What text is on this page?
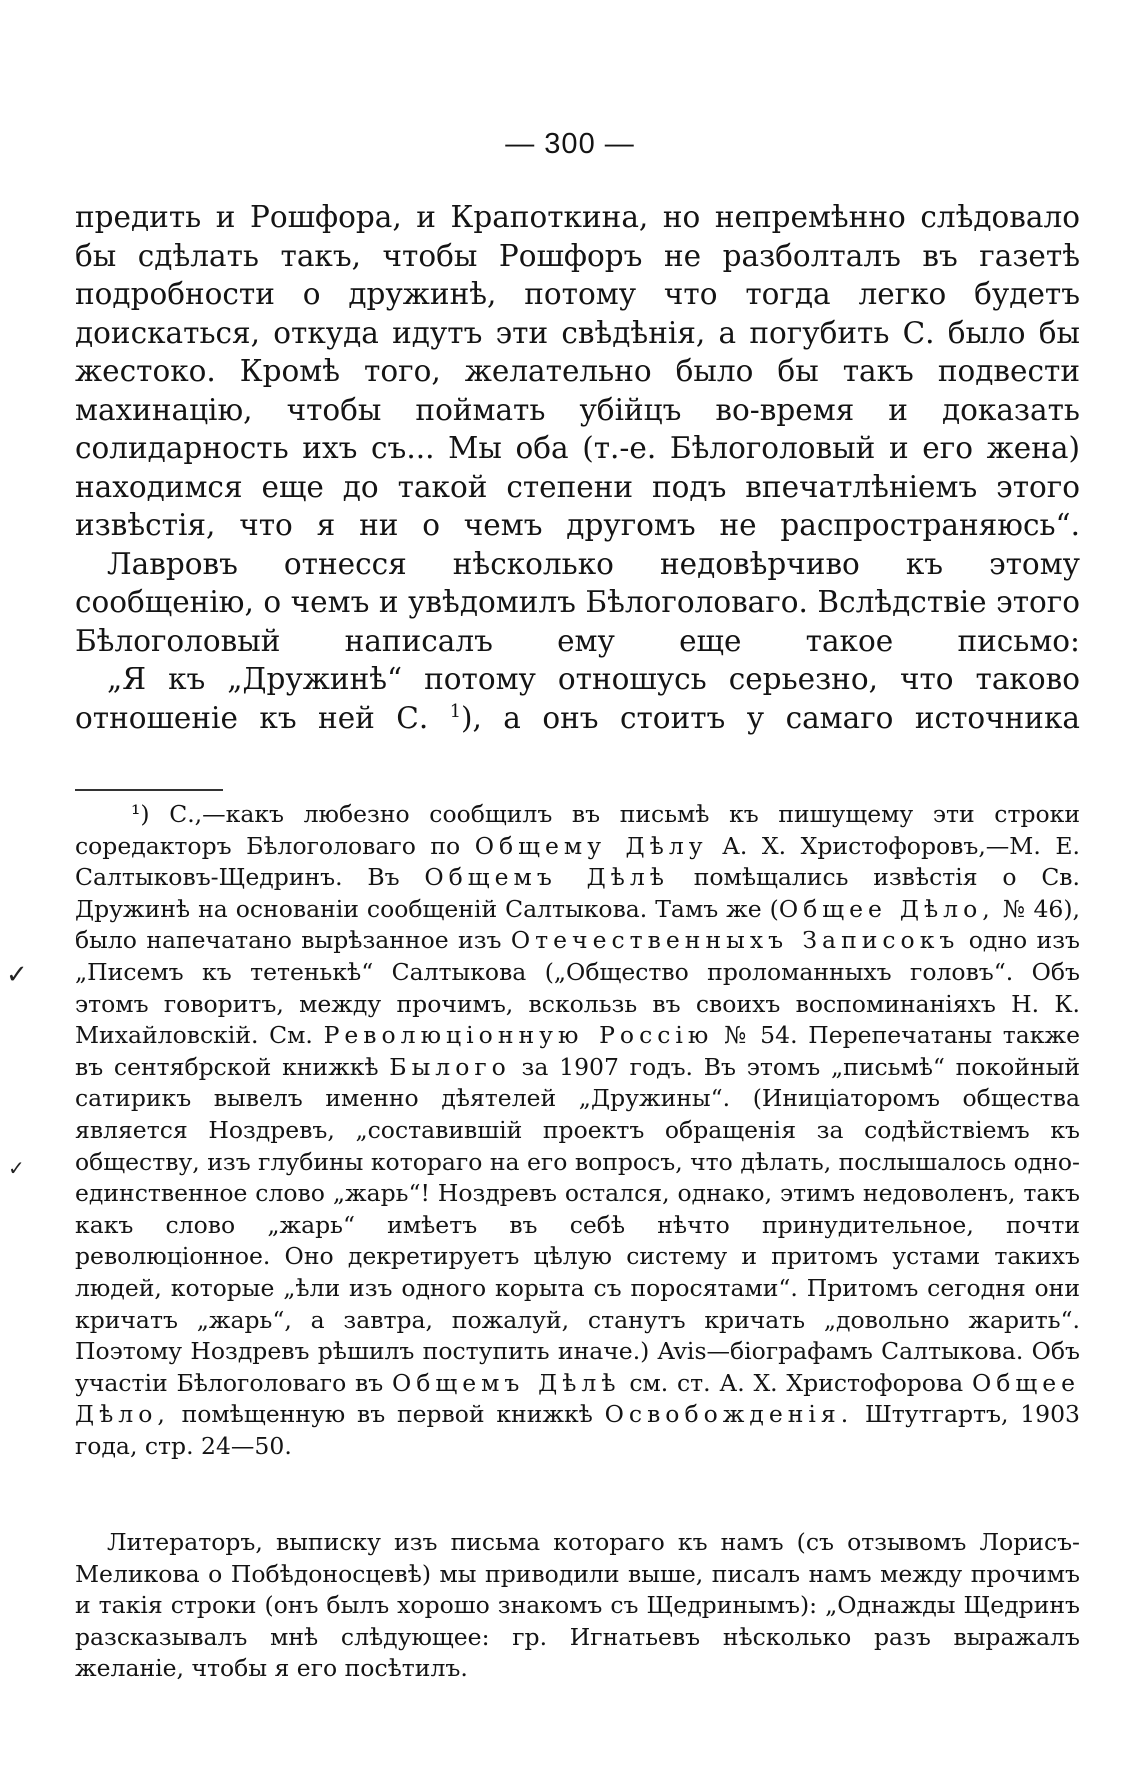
— 300 —

предить и Рошфора, и Крапоткина, но непремѣнно слѣдовало бы сдѣлать такъ, чтобы Рошфоръ не разболталъ въ газетѣ подробности о дружинѣ, потому что тогда легко будетъ доискаться, откуда идутъ эти свѣдѣнія, а погубить С. было бы жестоко. Кромѣ того, желательно было бы такъ подвести махинацію, чтобы поймать убійцъ во-время и доказать солидарность ихъ съ... Мы оба (т.-е. Бѣлоголовый и его жена) находимся еще до такой степени подъ впечатлѣніемъ этого извѣстія, что я ни о чемъ другомъ не распространяюсь“.

Лавровъ отнесся нѣсколько недовѣрчиво къ этому сообщенію, о чемъ и увѣдомилъ Бѣлоголоваго. Вслѣдствіе этого Бѣлоголовый написалъ ему еще такое письмо:

„Я къ „Дружинѣ“ потому отношусь серьезно, что таково отношеніе къ ней С. $^1$), а онъ стоитъ у самаго источника

¹) С.,—какъ любезно сообщилъ въ письмѣ къ пишущему эти строки соредакторъ Бѣлоголоваго по Общему Дѣлу А. Х. Христофоровъ,—М. Е. Салтыковъ-Щедринъ. Въ Общемъ Дѣлѣ помѣщались извѣстія о Св. Дружинѣ на основаніи сообщеній Салтыкова. Тамъ же (Общее Дѣло, № 46), было напечатано вырѣзанное изъ Отечественныхъ Записокъ одно изъ „Писемъ къ тетенькѣ“ Салтыкова („Общество проломанныхъ головъ“. Объ этомъ говоритъ, между прочимъ, вскользь въ своихъ воспоминаніяхъ Н. К. Михайловскій. См. Революціонную Россію № 54. Перепечатаны также въ сентябрской книжкѣ Былого за 1907 годъ. Въ этомъ „письмѣ“ покойный сатирикъ вывелъ именно дѣятелей „Дружины“. (Иниціаторомъ общества является Ноздревъ, „составившій проектъ обращенія за содѣйствіемъ къ обществу, изъ глубины котораго на его вопросъ, что дѣлать, послышалось одно-единственное слово „жарь“! Ноздревъ остался, однако, этимъ недоволенъ, такъ какъ слово „жарь“ имѣетъ въ себѣ нѣчто принудительное, почти революціонное. Оно декретируетъ цѣлую систему и притомъ устами такихъ людей, которые „ѣли изъ одного корыта съ поросятами“. Притомъ сегодня они кричатъ „жарь“, а завтра, пожалуй, станутъ кричать „довольно жарить“. Поэтому Ноздревъ рѣшилъ поступить иначе.) Avis—біографамъ Салтыкова. Объ участіи Бѣлоголоваго въ Общемъ Дѣлѣ см. ст. А. Х. Христофорова Общее Дѣло, помѣщенную въ первой книжкѣ Освобожденія. Штутгартъ, 1903 года, стр. 24—50.

Литераторъ, выписку изъ письма котораго къ намъ (съ отзывомъ Лорисъ-Меликова о Побѣдоносцевѣ) мы приводили выше, писалъ намъ между прочимъ и такія строки (онъ былъ хорошо знакомъ съ Щедринымъ): „Однажды Щедринъ разсказывалъ мнѣ слѣдующее: гр. Игнатьевъ нѣсколько разъ выражалъ желаніе, чтобы я его посѣтилъ.

✓
✓
